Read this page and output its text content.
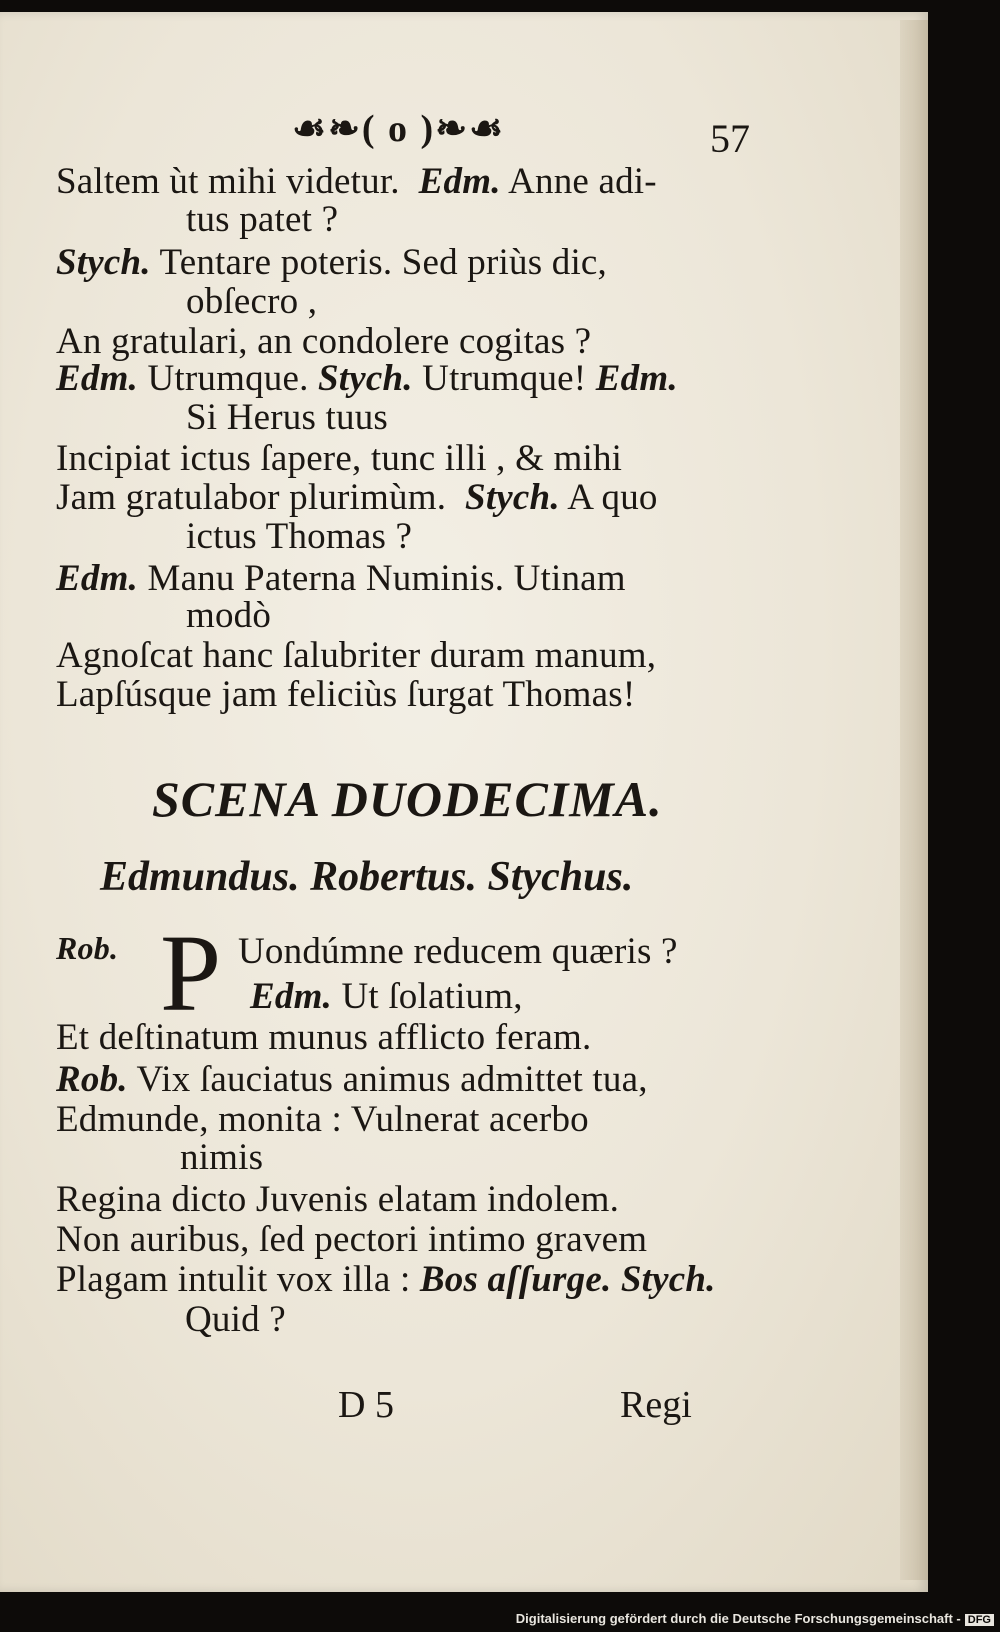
☙❧( o )❧☙	57
Saltem ùt mihi videtur. Edm. Anne adi-
tus patet ?
Stych. Tentare poteris. Sed priùs dic,
obſecro ,
An gratulari, an condolere cogitas ?
Edm. Utrumque. Stych. Utrumque! Edm.
Si Herus tuus
Incipiat ictus ſapere, tunc illi , & mihi
Jam gratulabor plurimùm. Stych. A quo
ictus Thomas ?
Edm. Manu Paterna Numinis. Utinam
modò
Agnoſcat hanc ſalubriter duram manum,
Lapſúsque jam feliciùs ſurgat Thomas!
SCENA DUODECIMA.
Edmundus. Robertus. Stychus.
Rob. P Uondúmne reducem quæris ?
Edm. Ut ſolatium,
Et deſtinatum munus afflicto feram.
Rob. Vix ſauciatus animus admittet tua,
Edmunde, monita : Vulnerat acerbo
nimis
Regina dicto Juvenis elatam indolem.
Non auribus, ſed pectori intimo gravem
Plagam intulit vox illa : Bos aſſurge. Stych.
Quid ?
D 5	Regi
Digitalisierung gefördert durch die Deutsche Forschungsgemeinschaft - DFG
